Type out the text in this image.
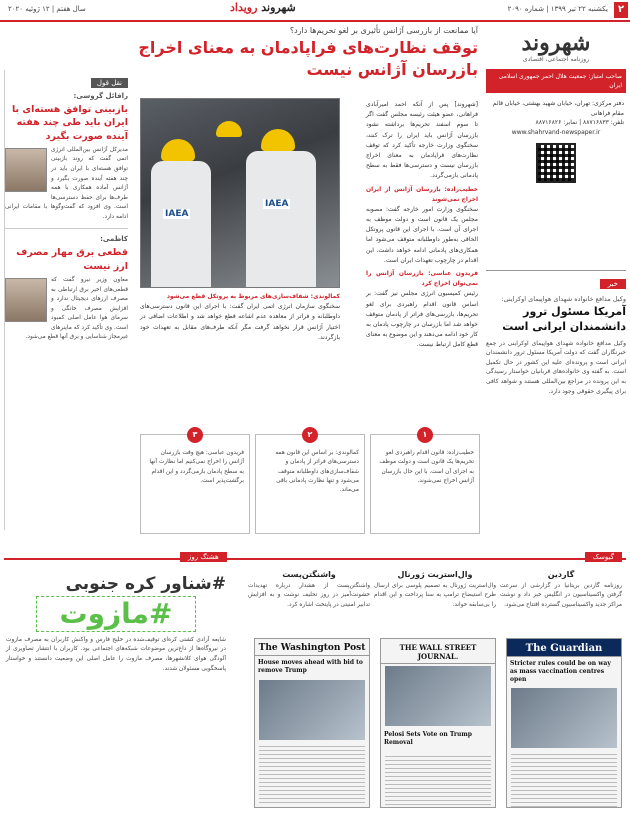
۲
یکشنبه ۲۲ تیر ۱۳۹۹ | شماره ۲۰۹۰
شهروند رویداد
سال هفتم | ۱۲ ژوئیه ۲۰۲۰
شهروند
روزنامه اجتماعی، اقتصادی
صاحب امتیاز: جمعیت هلال احمر جمهوری اسلامی ایران
دفتر مرکزی: تهران، خیابان شهید بهشتی، خیابان قائم مقام فراهانی
تلفن: ۸۸۷۱۶۸۳۳ | نمابر: ۸۸۷۱۶۸۲۶
www.shahrvand-newspaper.ir
خبر
وکیل مدافع خانواده شهدای هواپیمای اوکراینی:
آمریکا مسئول ترور دانشمندان ایرانی است
وکیل مدافع خانواده شهدای هواپیمای اوکراینی در جمع خبرنگاران گفت که دولت آمریکا مسئول ترور دانشمندان ایرانی است و پرونده‌ای علیه این کشور در حال تکمیل است. به گفته وی خانواده‌های قربانیان خواستار رسیدگی به این پرونده در مراجع بین‌المللی هستند و شواهد کافی برای پیگیری حقوقی وجود دارد.
آیا ممانعت از بازرسی آژانس تأثیری بر لغو تحریم‌ها دارد؟
توقف نظارت‌های فراپادمان به معنای اخراج بازرسان آژانس نیست
IAEA
IAEA

[شهروند] پس از آنکه احمد امیرآبادی فراهانی، عضو هیئت رئیسه مجلس گفت اگر تا سوم اسفند تحریم‌ها برداشته نشود بازرسان آژانس باید ایران را ترک کنند، سخنگوی وزارت خارجه تأکید کرد که توقف نظارت‌های فراپادمان به معنای اخراج بازرسان نیست و دسترسی‌ها فقط به سطح پادمانی بازمی‌گردد.

خطیب‌زاده: بازرسان آژانس از ایران اخراج نمی‌شوند

سخنگوی وزارت امور خارجه گفت: مصوبه مجلس یک قانون است و دولت موظف به اجرای آن است. با اجرای این قانون پروتکل الحاقی به‌طور داوطلبانه متوقف می‌شود اما همکاری‌های پادمانی ادامه خواهد داشت. این اقدام در چارچوب تعهدات ایران است.

فریدون عباسی: بازرسان آژانس را نمی‌توان اخراج کرد

رئیس کمیسیون انرژی مجلس نیز گفت: بر اساس قانون اقدام راهبردی برای لغو تحریم‌ها، بازرسی‌های فراتر از پادمان متوقف خواهد شد اما بازرسان در چارچوب پادمان به کار خود ادامه می‌دهند و این موضوع به معنای قطع کامل ارتباط نیست.

کمالوندی: شفاف‌سازی‌های مربوط به پروتکل قطع می‌شود

سخنگوی سازمان انرژی اتمی ایران گفت: با اجرای این قانون دسترسی‌های داوطلبانه و فراتر از معاهده عدم اشاعه قطع خواهد شد و اطلاعات اضافی در اختیار آژانس قرار نخواهد گرفت مگر آنکه طرف‌های مقابل به تعهدات خود بازگردند.

۱
خطیب‌زاده: قانون اقدام راهبردی لغو تحریم‌ها یک قانون است و دولت موظف به اجرای آن است. با این حال بازرسان آژانس اخراج نمی‌شوند.
۲
کمالوندی: بر اساس این قانون همه دسترسی‌های فراتر از پادمان و شفاف‌سازی‌های داوطلبانه متوقف می‌شود و تنها نظارت پادمانی باقی می‌ماند.
۳
فریدون عباسی: هیچ وقت بازرسان آژانس را اخراج نمی‌کنیم اما نظارت آنها به سطح پادمان بازمی‌گردد و این اقدام برگشت‌پذیر است.
نقل قول
رافائل گروسی:
بازبینی توافق هسته‌ای با ایران باید طی چند هفته آینده صورت بگیرد
مدیرکل آژانس بین‌المللی انرژی اتمی گفت که روند بازبینی توافق هسته‌ای با ایران باید در چند هفته آینده صورت بگیرد و آژانس آماده همکاری با همه طرف‌ها برای حفظ دسترسی‌ها است. وی افزود که گفت‌وگوها با مقامات ایرانی ادامه دارد.
کاظمی:
قطعی برق مهار مصرف ارز نیست
معاون وزیر نیرو گفت که قطعی‌های اخیر برق ارتباطی به مصرف ارزهای دیجیتال ندارد و افزایش مصرف خانگی و سرمای هوا عامل اصلی کمبود است. وی تأکید کرد که ماینرهای غیرمجاز شناسایی و برق آنها قطع می‌شود.
هشتگ روز	گیوسک
#شناور کره جنوبی
#مازوت
شایعه آزادی کشتی کره‌ای توقیف‌شده در خلیج فارس و واکنش کاربران به مصرف مازوت در نیروگاه‌ها از داغ‌ترین موضوعات شبکه‌های اجتماعی بود. کاربران با انتشار تصاویری از آلودگی هوای کلانشهرها، مصرف مازوت را عامل اصلی این وضعیت دانستند و خواستار پاسخگویی مسئولان شدند.
گاردین
روزنامه گاردین بریتانیا در گزارشی از سرعت گرفتن واکسیناسیون در انگلیس خبر داد و نوشت مراکز جدید واکسیناسیون گسترده افتتاح می‌شود.
The Guardian
Stricter rules could be on way as mass vaccination centres open
وال‌استریت ژورنال
وال‌استریت ژورنال به تصمیم پلوسی برای ارسال طرح استیضاح ترامپ به سنا پرداخت و این اقدام را بی‌سابقه خواند.
THE WALL STREET JOURNAL.
Pelosi Sets Vote on Trump Removal
واشنگتن‌پست
واشنگتن‌پست از هشدار درباره تهدیدات خشونت‌آمیز در روز تحلیف نوشت و به افزایش تدابیر امنیتی در پایتخت اشاره کرد.
The Washington Post
House moves ahead with bid to remove Trump
